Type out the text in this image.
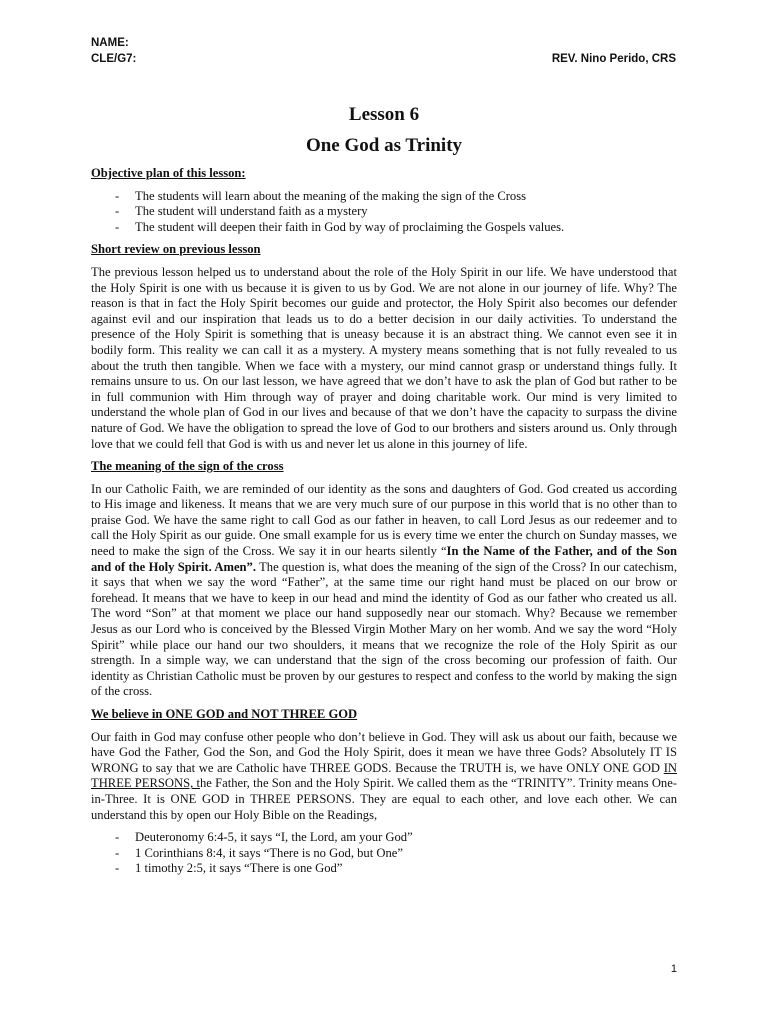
NAME:
CLE/G7:	REV. Nino Perido, CRS
Lesson 6
One God as Trinity
Objective plan of this lesson:
- The students will learn about the meaning of the making the sign of the Cross
- The student will understand faith as a mystery
- The student will deepen their faith in God by way of proclaiming the Gospels values.
Short review on previous lesson

The previous lesson helped us to understand about the role of the Holy Spirit in our life. We have understood that the Holy Spirit is one with us because it is given to us by God. We are not alone in our journey of life. Why? The reason is that in fact the Holy Spirit becomes our guide and protector, the Holy Spirit also becomes our defender against evil and our inspiration that leads us to do a better decision in our daily activities. To understand the presence of the Holy Spirit is something that is uneasy because it is an abstract thing. We cannot even see it in bodily form. This reality we can call it as a mystery. A mystery means something that is not fully revealed to us about the truth then tangible. When we face with a mystery, our mind cannot grasp or understand things fully. It remains unsure to us. On our last lesson, we have agreed that we don’t have to ask the plan of God but rather to be in full communion with Him through way of prayer and doing charitable work. Our mind is very limited to understand the whole plan of God in our lives and because of that we don’t have the capacity to surpass the divine nature of God. We have the obligation to spread the love of God to our brothers and sisters around us. Only through love that we could fell that God is with us and never let us alone in this journey of life.

The meaning of the sign of the cross

In our Catholic Faith, we are reminded of our identity as the sons and daughters of God. God created us according to His image and likeness. It means that we are very much sure of our purpose in this world that is no other than to praise God. We have the same right to call God as our father in heaven, to call Lord Jesus as our redeemer and to call the Holy Spirit as our guide. One small example for us is every time we enter the church on Sunday masses, we need to make the sign of the Cross. We say it in our hearts silently “In the Name of the Father, and of the Son and of the Holy Spirit. Amen”. The question is, what does the meaning of the sign of the Cross? In our catechism, it says that when we say the word “Father”, at the same time our right hand must be placed on our brow or forehead. It means that we have to keep in our head and mind the identity of God as our father who created us all. The word “Son” at that moment we place our hand supposedly near our stomach. Why? Because we remember Jesus as our Lord who is conceived by the Blessed Virgin Mother Mary on her womb. And we say the word “Holy Spirit” while place our hand our two shoulders, it means that we recognize the role of the Holy Spirit as our strength. In a simple way, we can understand that the sign of the cross becoming our profession of faith. Our identity as Christian Catholic must be proven by our gestures to respect and confess to the world by making the sign of the cross.

We believe in ONE GOD and NOT THREE GOD

Our faith in God may confuse other people who don’t believe in God. They will ask us about our faith, because we have God the Father, God the Son, and God the Holy Spirit, does it mean we have three Gods? Absolutely IT IS WRONG to say that we are Catholic have THREE GODS. Because the TRUTH is, we have ONLY ONE GOD IN THREE PERSONS, the Father, the Son and the Holy Spirit. We called them as the “TRINITY”. Trinity means One-in-Three. It is ONE GOD in THREE PERSONS. They are equal to each other, and love each other. We can understand this by open our Holy Bible on the Readings,

- Deuteronomy 6:4-5, it says “I, the Lord, am your God”
- 1 Corinthians 8:4, it says “There is no God, but One”
- 1 timothy 2:5, it says “There is one God”
1
